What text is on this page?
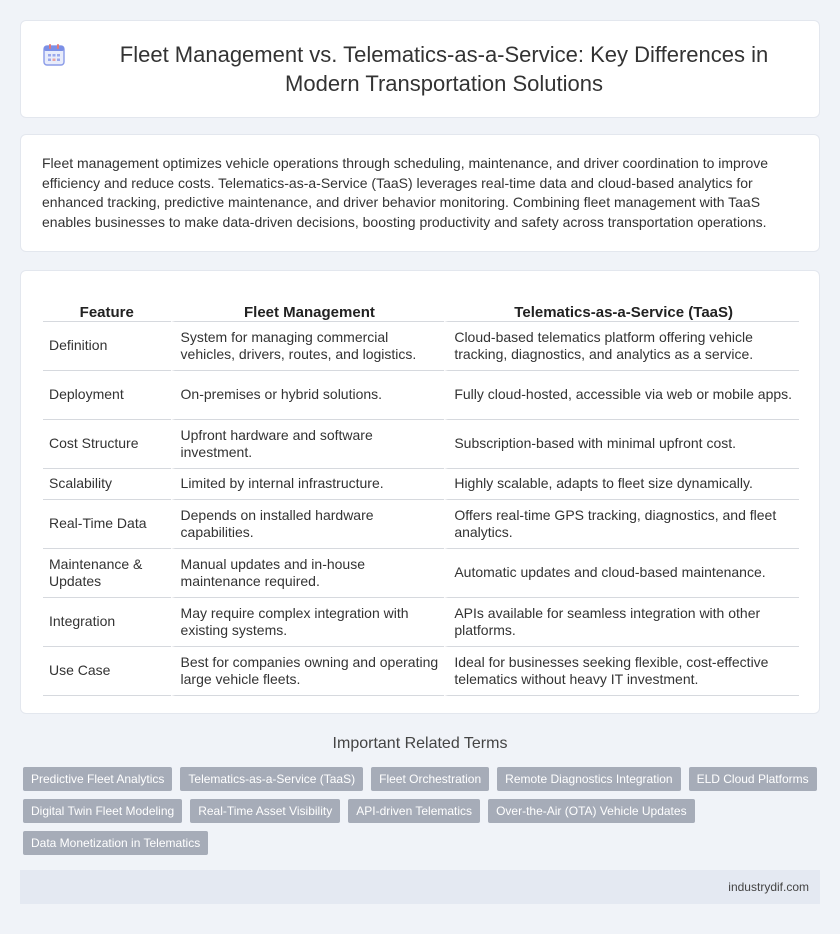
Fleet Management vs. Telematics-as-a-Service: Key Differences in Modern Transportation Solutions

Fleet management optimizes vehicle operations through scheduling, maintenance, and driver coordination to improve efficiency and reduce costs. Telematics-as-a-Service (TaaS) leverages real-time data and cloud-based analytics for enhanced tracking, predictive maintenance, and driver behavior monitoring. Combining fleet management with TaaS enables businesses to make data-driven decisions, boosting productivity and safety across transportation operations.

Feature	Fleet Management	Telematics-as-a-Service (TaaS)
Definition	System for managing commercial vehicles, drivers, routes, and logistics.	Cloud-based telematics platform offering vehicle tracking, diagnostics, and analytics as a service.
Deployment	On-premises or hybrid solutions.	Fully cloud-hosted, accessible via web or mobile apps.
Cost Structure	Upfront hardware and software investment.	Subscription-based with minimal upfront cost.
Scalability	Limited by internal infrastructure.	Highly scalable, adapts to fleet size dynamically.
Real-Time Data	Depends on installed hardware capabilities.	Offers real-time GPS tracking, diagnostics, and fleet analytics.
Maintenance & Updates	Manual updates and in-house maintenance required.	Automatic updates and cloud-based maintenance.
Integration	May require complex integration with existing systems.	APIs available for seamless integration with other platforms.
Use Case	Best for companies owning and operating large vehicle fleets.	Ideal for businesses seeking flexible, cost-effective telematics without heavy IT investment.
Important Related Terms
Predictive Fleet Analytics	Telematics-as-a-Service (TaaS)	Fleet Orchestration	Remote Diagnostics Integration	ELD Cloud Platforms
Digital Twin Fleet Modeling	Real-Time Asset Visibility	API-driven Telematics	Over-the-Air (OTA) Vehicle Updates
Data Monetization in Telematics
industrydif.com
